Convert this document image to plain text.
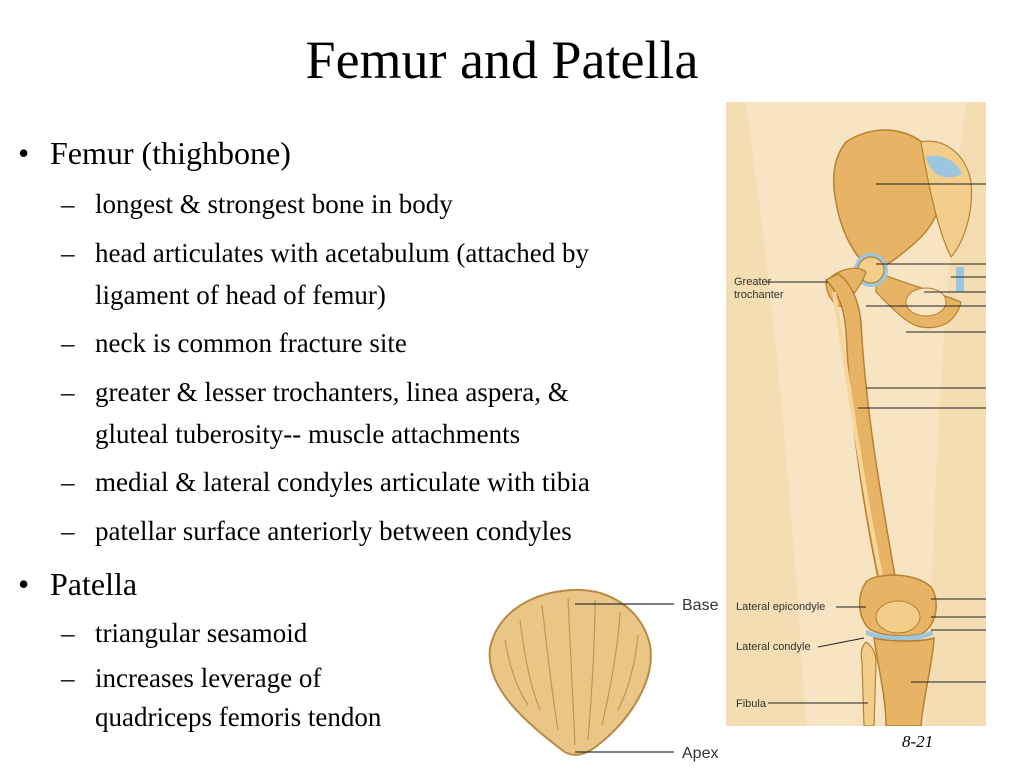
Femur and Patella
• Femur (thighbone)
– longest & strongest bone in body
– head articulates with acetabulum (attached by
ligament of head of femur)
– neck is common fracture site
– greater & lesser trochanters, linea aspera, &
gluteal tuberosity-- muscle attachments
– medial & lateral condyles articulate with tibia
– patellar surface anteriorly between condyles
• Patella
– triangular sesamoid
– increases leverage of
quadriceps femoris tendon
Greater
trochanter
Lateral epicondyle
Lateral condyle
Fibula
Base
Apex
8-21
